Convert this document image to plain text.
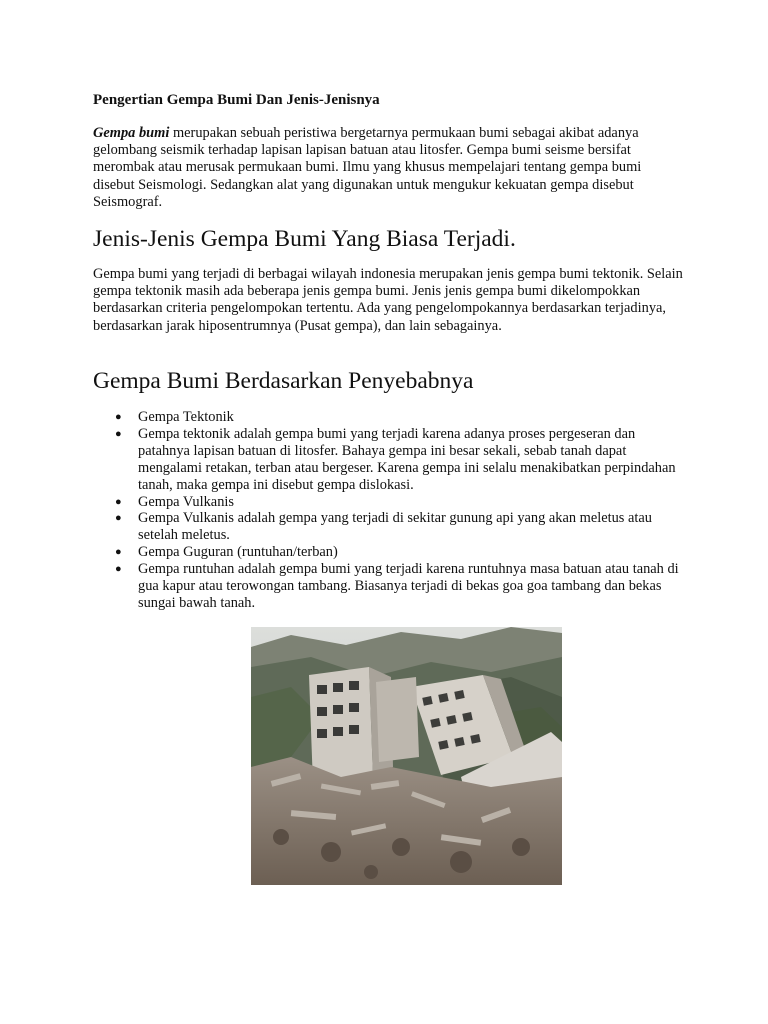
Pengertian Gempa Bumi Dan Jenis-Jenisnya

Gempa bumi merupakan sebuah peristiwa bergetarnya permukaan bumi sebagai akibat adanya gelombang seismik terhadap lapisan lapisan batuan atau litosfer. Gempa bumi seisme bersifat merombak atau merusak permukaan bumi. Ilmu yang khusus mempelajari tentang gempa bumi disebut Seismologi. Sedangkan alat yang digunakan untuk mengukur kekuatan gempa disebut Seismograf.

Jenis-Jenis Gempa Bumi Yang Biasa Terjadi.

Gempa bumi yang terjadi di berbagai wilayah indonesia merupakan jenis gempa bumi tektonik. Selain gempa tektonik masih ada beberapa jenis gempa bumi. Jenis jenis gempa bumi dikelompokkan berdasarkan criteria pengelompokan tertentu. Ada yang pengelompokannya berdasarkan terjadinya, berdasarkan jarak hiposentrumnya (Pusat gempa), dan lain sebagainya.

Gempa Bumi Berdasarkan Penyebabnya
● Gempa Tektonik
● Gempa tektonik adalah gempa bumi yang terjadi karena adanya proses pergeseran dan patahnya lapisan batuan di litosfer. Bahaya gempa ini besar sekali, sebab tanah dapat mengalami retakan, terban atau bergeser. Karena gempa ini selalu menakibatkan perpindahan tanah, maka gempa ini disebut gempa dislokasi.
● Gempa Vulkanis
● Gempa Vulkanis adalah gempa yang terjadi di sekitar gunung api yang akan meletus atau setelah meletus.
● Gempa Guguran (runtuhan/terban)
● Gempa runtuhan adalah gempa bumi yang terjadi karena runtuhnya masa batuan atau tanah di gua kapur atau terowongan tambang. Biasanya terjadi di bekas goa goa tambang dan bekas sungai bawah tanah.
